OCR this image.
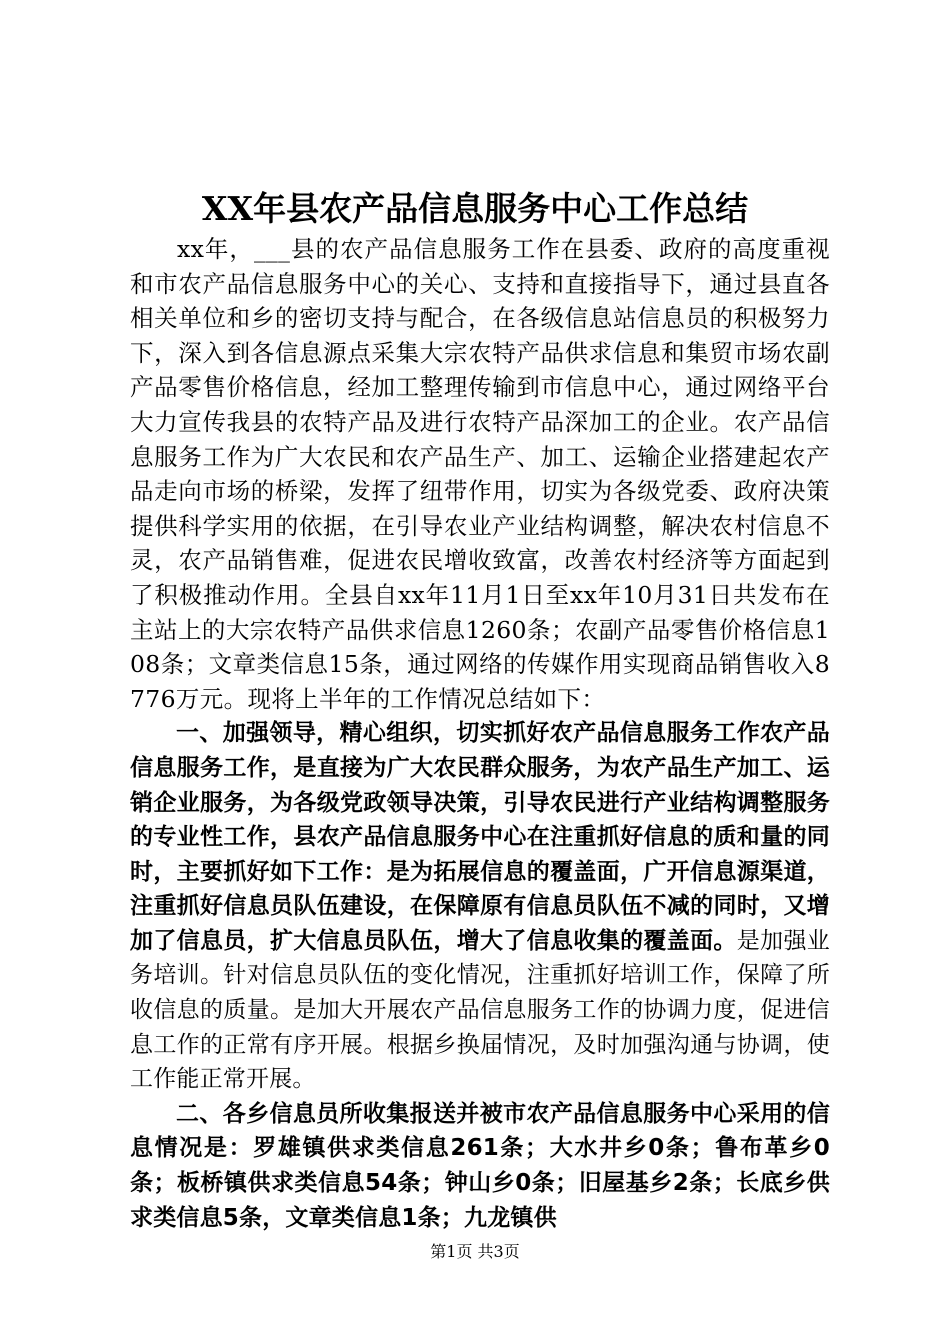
XX年县农产品信息服务中心工作总结

xx年，___县的农产品信息服务工作在县委、政府的高度重视和市农产品信息服务中心的关心、支持和直接指导下，通过县直各相关单位和乡的密切支持与配合，在各级信息站信息员的积极努力下，深入到各信息源点采集大宗农特产品供求信息和集贸市场农副产品零售价格信息，经加工整理传输到市信息中心，通过网络平台大力宣传我县的农特产品及进行农特产品深加工的企业。农产品信息服务工作为广大农民和农产品生产、加工、运输企业搭建起农产品走向市场的桥梁，发挥了纽带作用，切实为各级党委、政府决策提供科学实用的依据，在引导农业产业结构调整，解决农村信息不灵，农产品销售难，促进农民增收致富，改善农村经济等方面起到了积极推动作用。全县自xx年11月1日至xx年10月31日共发布在主站上的大宗农特产品供求信息1260条；农副产品零售价格信息108条；文章类信息15条，通过网络的传媒作用实现商品销售收入8776万元。现将上半年的工作情况总结如下：

一、加强领导，精心组织，切实抓好农产品信息服务工作农产品信息服务工作，是直接为广大农民群众服务，为农产品生产加工、运销企业服务，为各级党政领导决策，引导农民进行产业结构调整服务的专业性工作，县农产品信息服务中心在注重抓好信息的质和量的同时，主要抓好如下工作：是为拓展信息的覆盖面，广开信息源渠道，注重抓好信息员队伍建设，在保障原有信息员队伍不减的同时，又增加了信息员，扩大信息员队伍，增大了信息收集的覆盖面。是加强业务培训。针对信息员队伍的变化情况，注重抓好培训工作，保障了所收信息的质量。是加大开展农产品信息服务工作的协调力度，促进信息工作的正常有序开展。根据乡换届情况，及时加强沟通与协调，使工作能正常开展。

二、各乡信息员所收集报送并被市农产品信息服务中心采用的信息情况是：罗雄镇供求类信息261条；大水井乡0条；鲁布革乡0条；板桥镇供求类信息54条；钟山乡0条；旧屋基乡2条；长底乡供求类信息5条，文章类信息1条；九龙镇供

第1页 共3页
